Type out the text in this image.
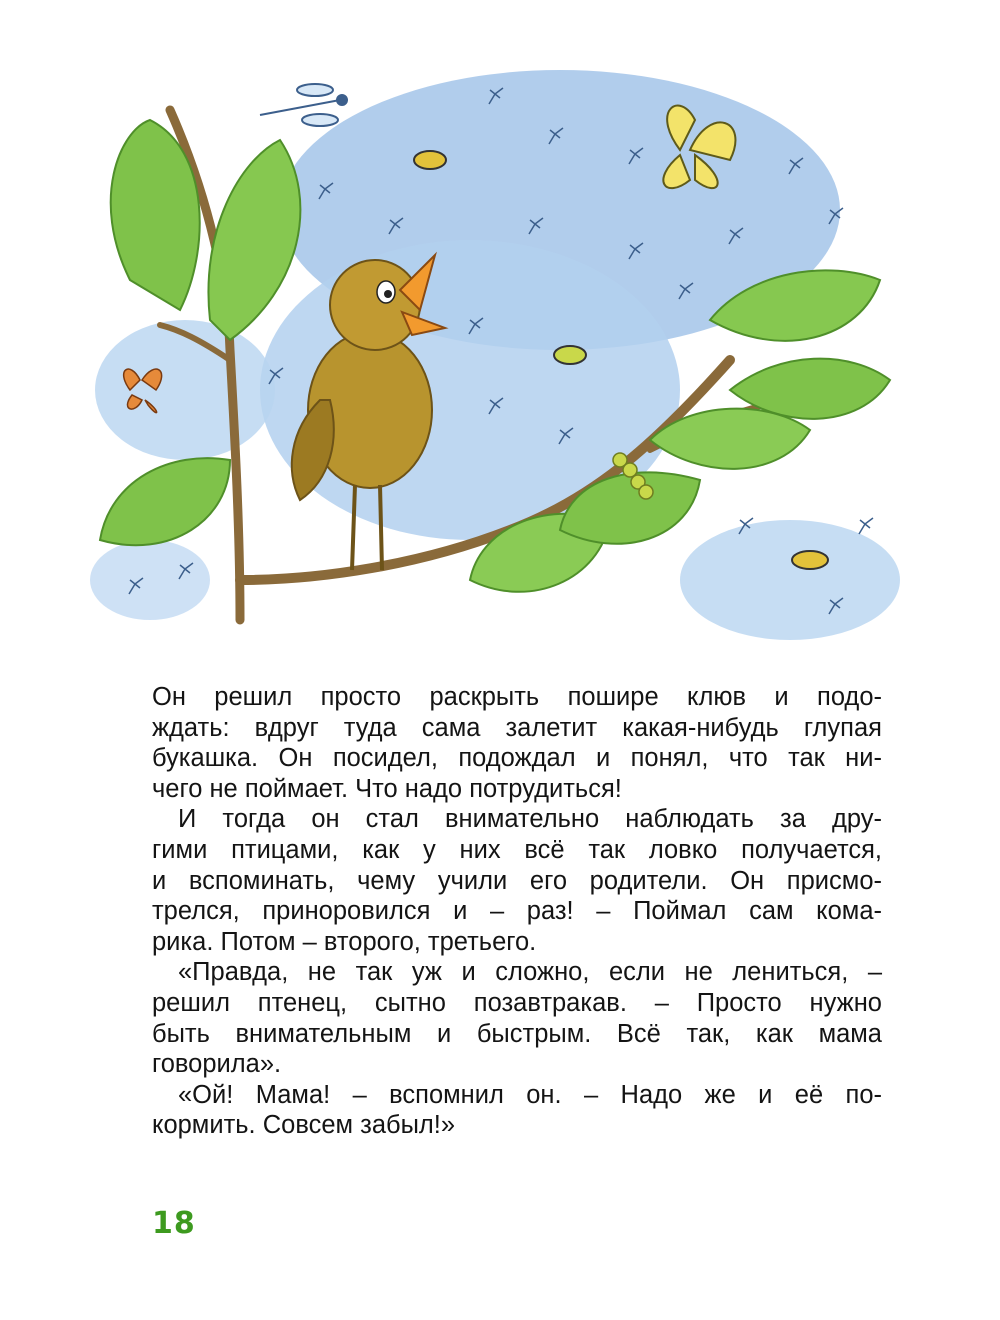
Он решил просто раскрыть пошире клюв и подо-
ждать: вдруг туда сама залетит какая-нибудь глупая
букашка. Он посидел, подождал и понял, что так ни-
чего не поймает. Что надо потрудиться!
И тогда он стал внимательно наблюдать за дру-
гими птицами, как у них всё так ловко получается,
и вспоминать, чему учили его родители. Он присмо-
трелся, приноровился и – раз! – Поймал сам кома-
рика. Потом – второго, третьего.
«Правда, не так уж и сложно, если не лениться, –
решил птенец, сытно позавтракав. – Просто нужно
быть внимательным и быстрым. Всё так, как мама
говорила».
«Ой! Мама! – вспомнил он. – Надо же и её по-
кормить. Совсем забыл!»
18
